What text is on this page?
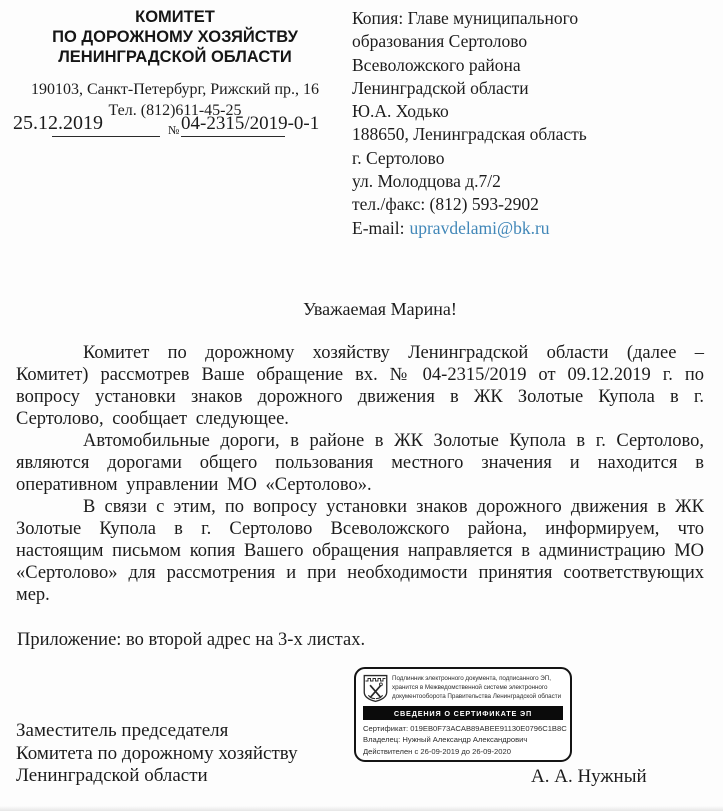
КОМИТЕТ
ПО ДОРОЖНОМУ ХОЗЯЙСТВУ
ЛЕНИНГРАДСКОЙ ОБЛАСТИ
190103, Санкт-Петербург, Рижский пр., 16
Тел. (812)611-45-25
25.12.2019	№ 04-2315/2019-0-1
Копия: Главе муниципального
образования Сертолово
Всеволожского района
Ленинградской области
Ю.А. Ходько
188650, Ленинградская область
г. Сертолово
ул. Молодцова д.7/2
тел./факс: (812) 593-2902
E-mail: upravdelami@bk.ru
Уважаемая Марина!

Комитет по дорожному хозяйству Ленинградской области (далее – Комитет) рассмотрев Ваше обращение вх. № 04-2315/2019 от 09.12.2019 г. по вопросу установки знаков дорожного движения в ЖК Золотые Купола в г. Сертолово, сообщает следующее.

Автомобильные дороги, в районе в ЖК Золотые Купола в г. Сертолово, являются дорогами общего пользования местного значения и находится в оперативном управлении МО «Сертолово».

В связи с этим, по вопросу установки знаков дорожного движения в ЖК Золотые Купола в г. Сертолово Всеволожского района, информируем, что настоящим письмом копия Вашего обращения направляется в администрацию МО «Сертолово» для рассмотрения и при необходимости принятия соответствующих мер.

Приложение: во второй адрес на 3-х листах.
Подлинник электронного документа, подписанного ЭП,
хранится в Межведомственной системе электронного
документооборота Правительства Ленинградской области
СВЕДЕНИЯ О СЕРТИФИКАТЕ ЭП
Сертификат: 019EB0F73ACAB89ABEE91130E0796C1B8C
Владелец: Нужный Александр Александрович
Действителен с 26-09-2019 до 26-09-2020
Заместитель председателя
Комитета по дорожному хозяйству
Ленинградской области	А. А. Нужный
